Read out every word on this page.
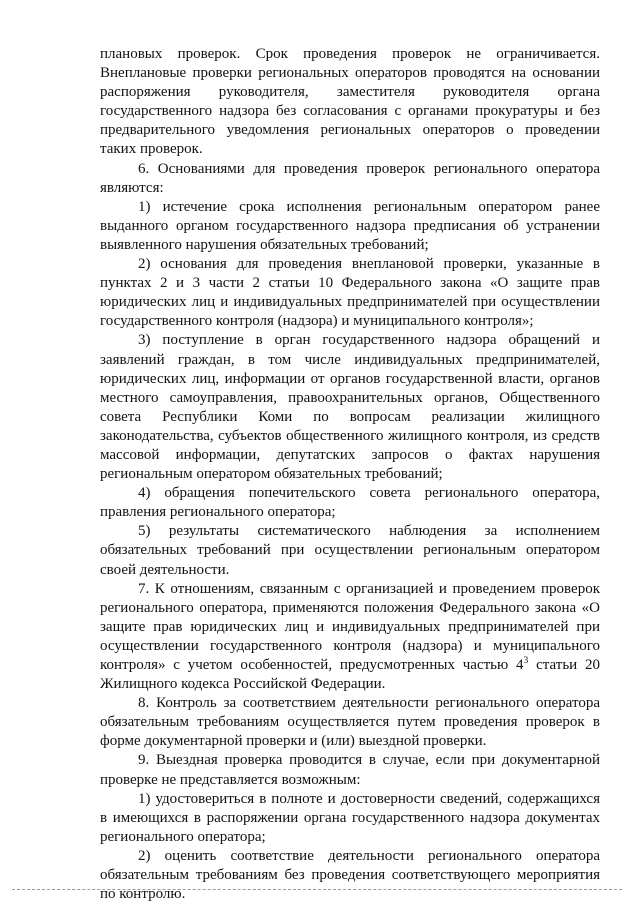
плановых проверок. Срок проведения проверок не ограничивается. Внеплановые проверки региональных операторов проводятся на основании распоряжения руководителя, заместителя руководителя органа государственного надзора без согласования с органами прокуратуры и без предварительного уведомления региональных операторов о проведении таких проверок.

6. Основаниями для проведения проверок регионального оператора являются:

1) истечение срока исполнения региональным оператором ранее выданного органом государственного надзора предписания об устранении выявленного нарушения обязательных требований;

2) основания для проведения внеплановой проверки, указанные в пунктах 2 и 3 части 2 статьи 10 Федерального закона «О защите прав юридических лиц и индивидуальных предпринимателей при осуществлении государственного контроля (надзора) и муниципального контроля»;

3) поступление в орган государственного надзора обращений и заявлений граждан, в том числе индивидуальных предпринимателей, юридических лиц, информации от органов государственной власти, органов местного самоуправления, правоохранительных органов, Общественного совета Республики Коми по вопросам реализации жилищного законодательства, субъектов общественного жилищного контроля, из средств массовой информации, депутатских запросов о фактах нарушения региональным оператором обязательных требований;

4) обращения попечительского совета регионального оператора, правления регионального оператора;

5) результаты систематического наблюдения за исполнением обязательных требований при осуществлении региональным оператором своей деятельности.

7. К отношениям, связанным с организацией и проведением проверок регионального оператора, применяются положения Федерального закона «О защите прав юридических лиц и индивидуальных предпринимателей при осуществлении государственного контроля (надзора) и муниципального контроля» с учетом особенностей, предусмотренных частью $4^3$ статьи 20 Жилищного кодекса Российской Федерации.

8. Контроль за соответствием деятельности регионального оператора обязательным требованиям осуществляется путем проведения проверок в форме документарной проверки и (или) выездной проверки.

9. Выездная проверка проводится в случае, если при документарной проверке не представляется возможным:

1) удостовериться в полноте и достоверности сведений, содержащихся в имеющихся в распоряжении органа государственного надзора документах регионального оператора;

2) оценить соответствие деятельности регионального оператора обязательным требованиям без проведения соответствующего мероприятия по контролю.
